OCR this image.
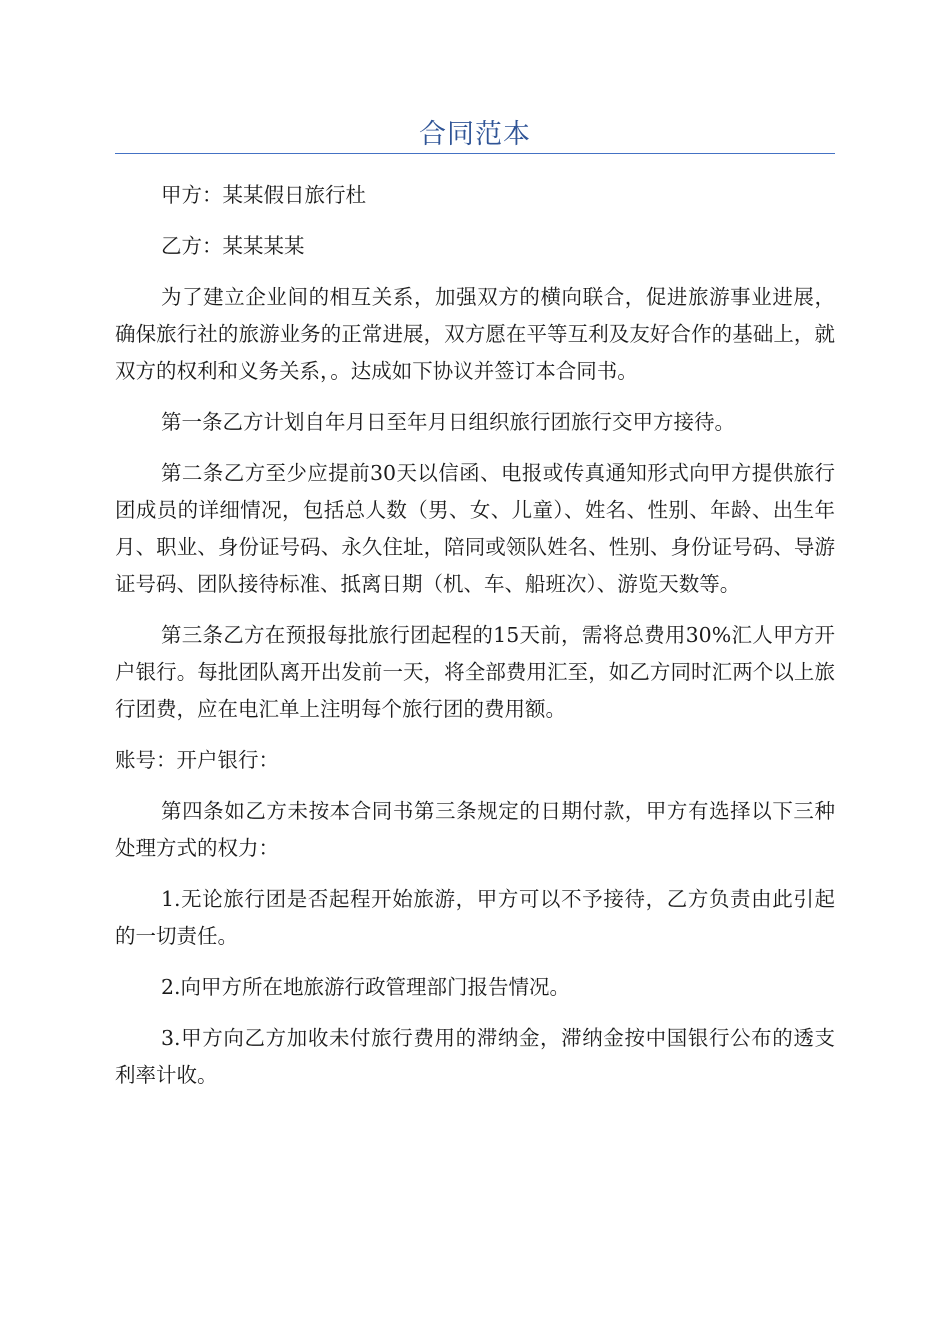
合同范本

甲方：某某假日旅行杜

乙方：某某某某

为了建立企业间的相互关系，加强双方的横向联合，促进旅游事业进展，确保旅行社的旅游业务的正常进展，双方愿在平等互利及友好合作的基础上，就双方的权利和义务关系，。达成如下协议并签订本合同书。

第一条乙方计划自年月日至年月日组织旅行团旅行交甲方接待。

第二条乙方至少应提前30天以信函、电报或传真通知形式向甲方提供旅行团成员的详细情况，包括总人数（男、女、儿童）、姓名、性别、年龄、出生年月、职业、身份证号码、永久住址，陪同或领队姓名、性别、身份证号码、导游证号码、团队接待标准、抵离日期（机、车、船班次）、游览天数等。

第三条乙方在预报每批旅行团起程的15天前，需将总费用30%汇人甲方开户银行。每批团队离开出发前一天，将全部费用汇至，如乙方同时汇两个以上旅行团费，应在电汇单上注明每个旅行团的费用额。

账号：开户银行：

第四条如乙方未按本合同书第三条规定的日期付款，甲方有选择以下三种处理方式的权力：

1.无论旅行团是否起程开始旅游，甲方可以不予接待，乙方负责由此引起的一切责任。

2.向甲方所在地旅游行政管理部门报告情况。

3.甲方向乙方加收未付旅行费用的滞纳金，滞纳金按中国银行公布的透支利率计收。
